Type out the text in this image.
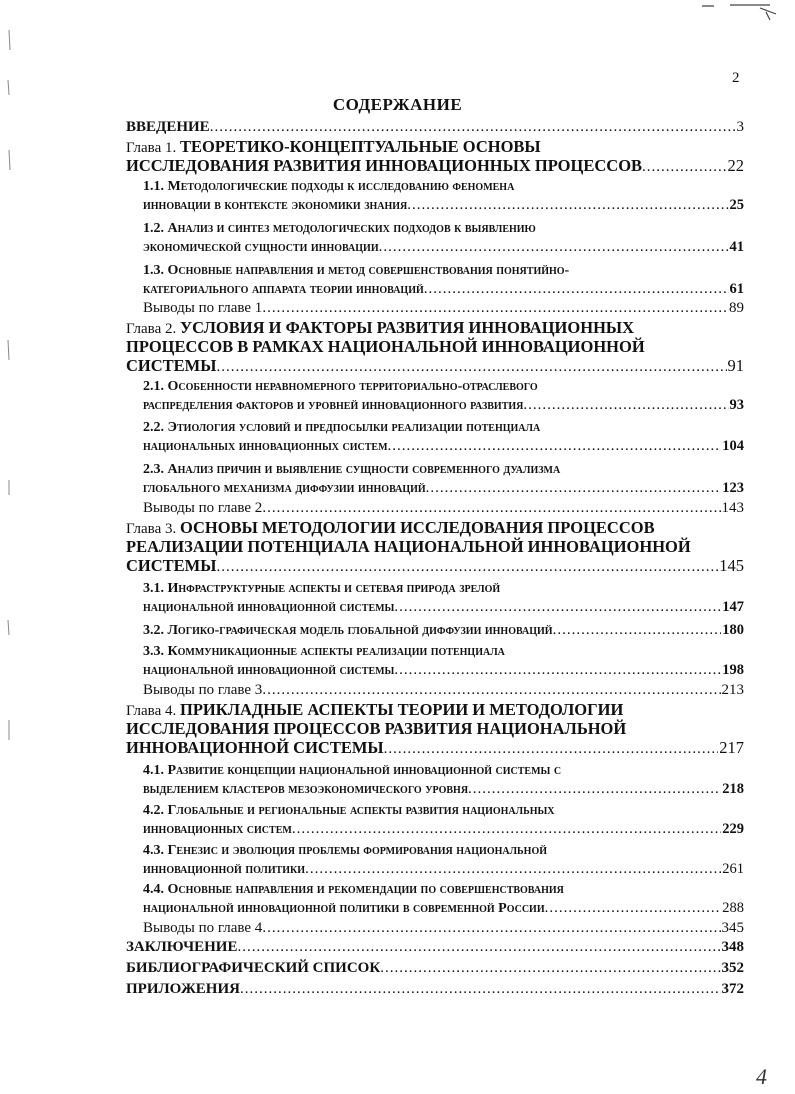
2
СОДЕРЖАНИЕ
ВВЕДЕНИЕ .....	3
Глава 1. ТЕОРЕТИКО-КОНЦЕПТУАЛЬНЫЕ ОСНОВЫ
ИССЛЕДОВАНИЯ РАЗВИТИЯ ИННОВАЦИОННЫХ ПРОЦЕССОВ .....	22
1.1. Методологические подходы к исследованию феномена
инновации в контексте экономики знания .....	25
1.2. Анализ и синтез методологических подходов к выявлению
экономической сущности инновации .....	41
1.3. Основные направления и метод совершенствования понятийно-
категориального аппарата теории инноваций .....	61
Выводы по главе 1 .....	89
Глава 2. УСЛОВИЯ И ФАКТОРЫ РАЗВИТИЯ ИННОВАЦИОННЫХ
ПРОЦЕССОВ В РАМКАХ НАЦИОНАЛЬНОЙ ИННОВАЦИОННОЙ
СИСТЕМЫ .....	91
2.1. Особенности неравномерного территориально-отраслевого
распределения факторов и уровней инновационного развития .....	93
2.2. Этиология условий и предпосылки реализации потенциала
национальных инновационных систем .....	104
2.3. Анализ причин и выявление сущности современного дуализма
глобального механизма диффузии инноваций .....	123
Выводы по главе 2 .....	143
Глава 3. ОСНОВЫ МЕТОДОЛОГИИ ИССЛЕДОВАНИЯ ПРОЦЕССОВ
РЕАЛИЗАЦИИ ПОТЕНЦИАЛА НАЦИОНАЛЬНОЙ ИННОВАЦИОННОЙ
СИСТЕМЫ .....	145
3.1. Инфраструктурные аспекты и сетевая природа зрелой
национальной инновационной системы .....	147
3.2. Логико-графическая модель глобальной диффузии инноваций .....	180
3.3. Коммуникационные аспекты реализации потенциала
национальной инновационной системы .....	198
Выводы по главе 3 .....	213
Глава 4. ПРИКЛАДНЫЕ АСПЕКТЫ ТЕОРИИ И МЕТОДОЛОГИИ
ИССЛЕДОВАНИЯ ПРОЦЕССОВ РАЗВИТИЯ НАЦИОНАЛЬНОЙ
ИННОВАЦИОННОЙ СИСТЕМЫ .....	217
4.1. Развитие концепции национальной инновационной системы с
выделением кластеров мезоэкономического уровня .....	218
4.2. Глобальные и региональные аспекты развития национальных
инновационных систем .....	229
4.3. Генезис и эволюция проблемы формирования национальной
инновационной политики .....	261
4.4. Основные направления и рекомендации по совершенствования
национальной инновационной политики в современной России .....	288
Выводы по главе 4 .....	345
ЗАКЛЮЧЕНИЕ .....	348
БИБЛИОГРАФИЧЕСКИЙ СПИСОК .....	352
ПРИЛОЖЕНИЯ .....	372
4
